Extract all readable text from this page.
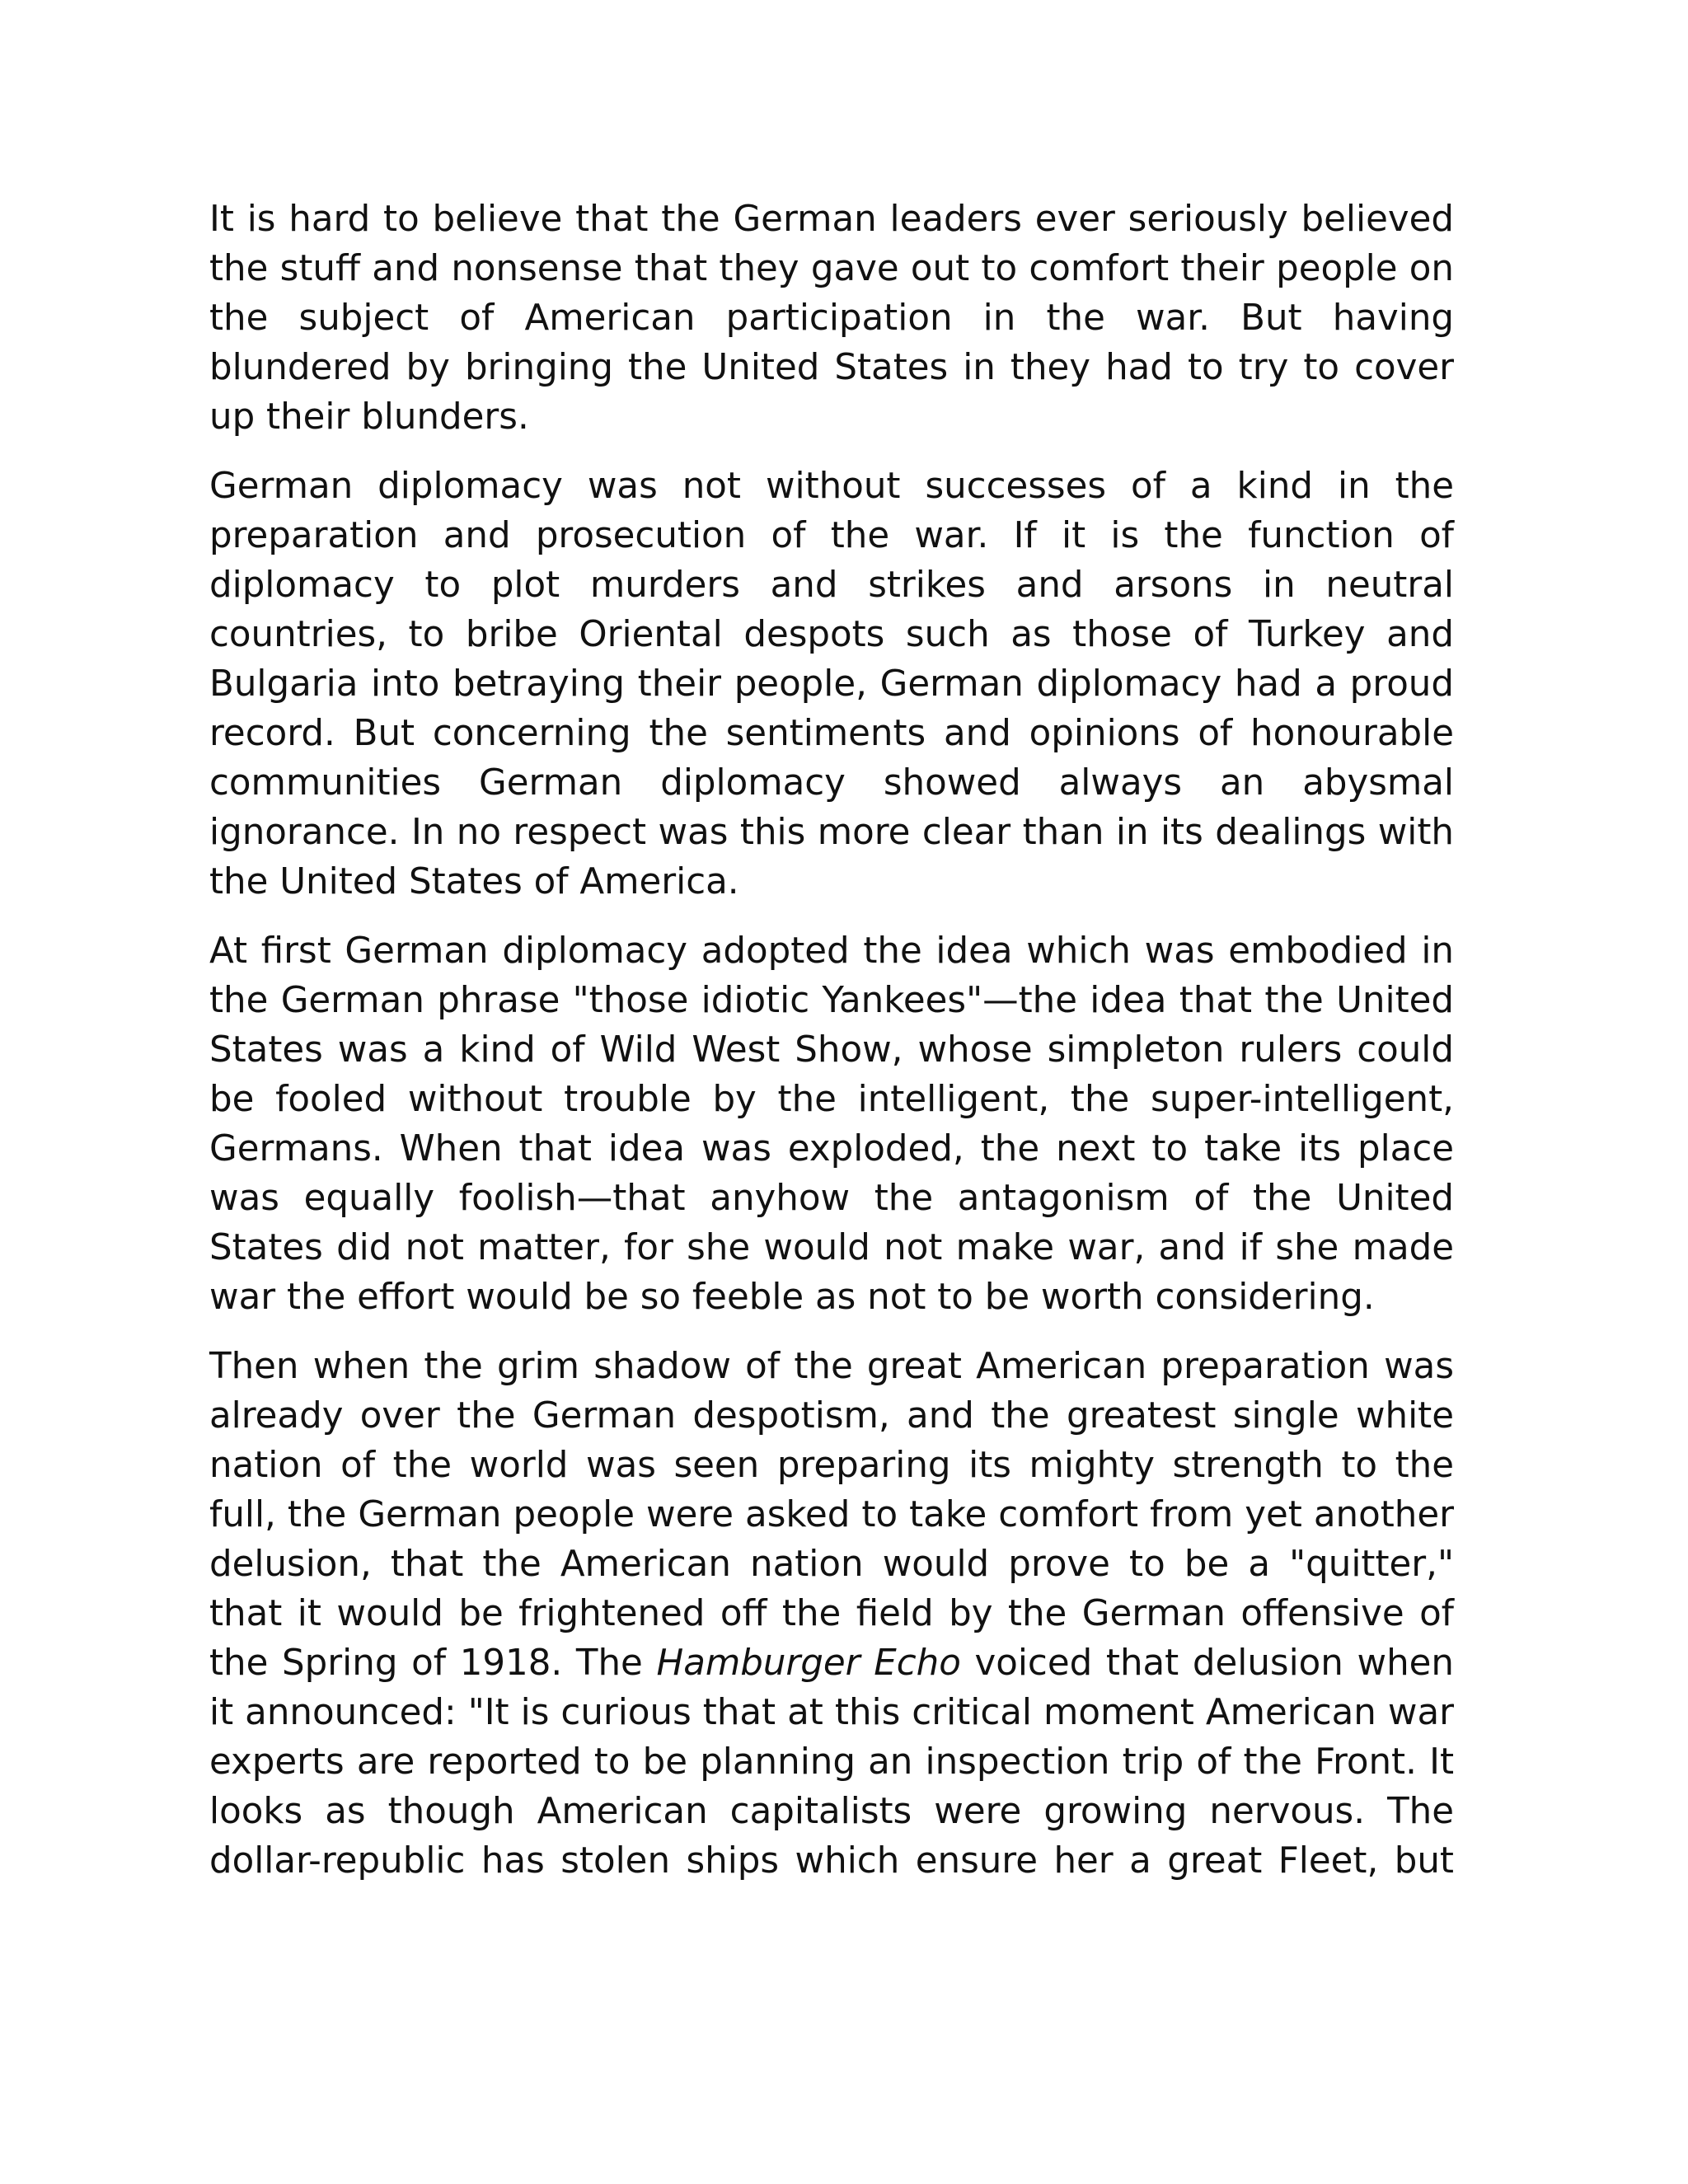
It is hard to believe that the German leaders ever seriously believed the stuff and nonsense that they gave out to comfort their people on the subject of American participation in the war. But having blundered by bringing the United States in they had to try to cover up their blunders.

German diplomacy was not without successes of a kind in the preparation and prosecution of the war. If it is the function of diplomacy to plot murders and strikes and arsons in neutral countries, to bribe Oriental despots such as those of Turkey and Bulgaria into betraying their people, German diplomacy had a proud record. But concerning the sentiments and opinions of honourable communities German diplomacy showed always an abysmal ignorance. In no respect was this more clear than in its dealings with the United States of America.

At first German diplomacy adopted the idea which was embodied in the German phrase "those idiotic Yankees"—the idea that the United States was a kind of Wild West Show, whose simpleton rulers could be fooled without trouble by the intelligent, the super-intelligent, Germans. When that idea was exploded, the next to take its place was equally foolish—that anyhow the antagonism of the United States did not matter, for she would not make war, and if she made war the effort would be so feeble as not to be worth considering.

Then when the grim shadow of the great American preparation was already over the German despotism, and the greatest single white nation of the world was seen preparing its mighty strength to the full, the German people were asked to take comfort from yet another delusion, that the American nation would prove to be a "quitter," that it would be frightened off the field by the German offensive of the Spring of 1918. The Hamburger Echo voiced that delusion when it announced: "It is curious that at this critical moment American war experts are reported to be planning an inspection trip of the Front. It looks as though American capitalists were growing nervous. The dollar-republic has stolen ships which ensure her a great Fleet, but
